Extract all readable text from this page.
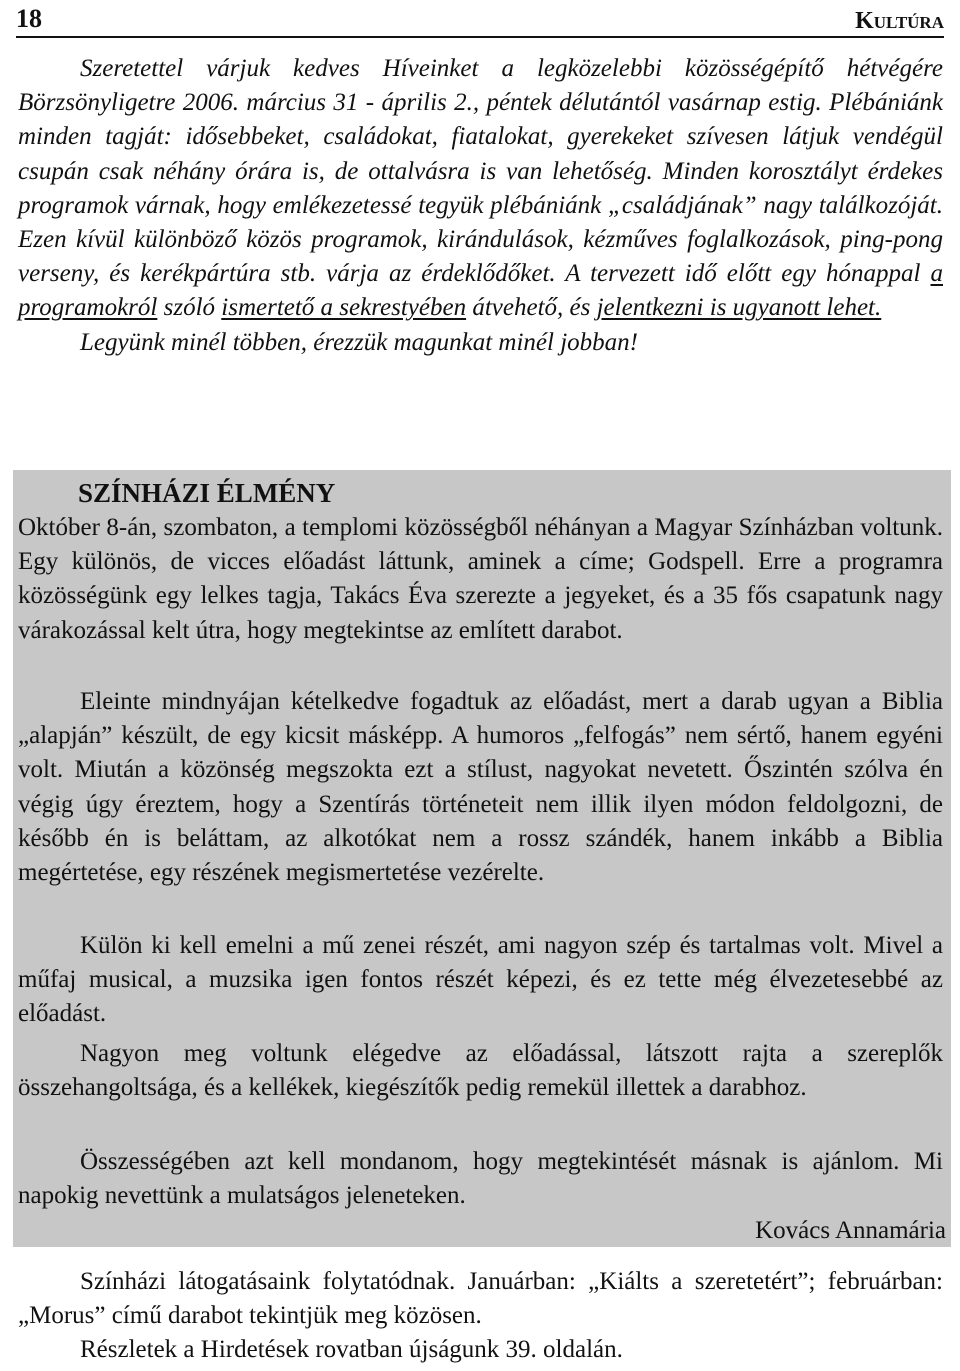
18	KULTÚRA

Szeretettel várjuk kedves Híveinket a legközelebbi közösségépítő hétvégére Börzsönyligetre 2006. március 31 - április 2., péntek délutántól vasárnap estig. Plébániánk minden tagját: idősebbeket, családokat, fiatalokat, gyerekeket szívesen látjuk vendégül csupán csak néhány órára is, de ottalvásra is van lehetőség. Minden korosztályt érdekes programok várnak, hogy emlékezetessé tegyük plébániánk „családjának” nagy találkozóját. Ezen kívül különböző közös programok, kirándulások, kézműves foglalkozások, ping-pong verseny, és kerékpártúra stb. várja az érdeklődőket. A tervezett idő előtt egy hónappal a programokról szóló ismertető a sekrestyében átvehető, és jelentkezni is ugyanott lehet.
Legyünk minél többen, érezzük magunkat minél jobban!

SZÍNHÁZI ÉLMÉNY

Október 8-án, szombaton, a templomi közösségből néhányan a Magyar Színházban voltunk. Egy különös, de vicces előadást láttunk, aminek a címe; Godspell. Erre a programra közösségünk egy lelkes tagja, Takács Éva szerezte a jegyeket, és a 35 fős csapatunk nagy várakozással kelt útra, hogy megtekintse az említett darabot.

Eleinte mindnyájan kételkedve fogadtuk az előadást, mert a darab ugyan a Biblia „alapján” készült, de egy kicsit másképp. A humoros „felfogás” nem sértő, hanem egyéni volt. Miután a közönség megszokta ezt a stílust, nagyokat nevetett. Őszintén szólva én végig úgy éreztem, hogy a Szentírás történeteit nem illik ilyen módon feldolgozni, de később én is beláttam, az alkotókat nem a rossz szándék, hanem inkább a Biblia megértetése, egy részének megismertetése vezérelte.

Külön ki kell emelni a mű zenei részét, ami nagyon szép és tartalmas volt. Mivel a műfaj musical, a muzsika igen fontos részét képezi, és ez tette még élvezetesebbé az előadást.

Nagyon meg voltunk elégedve az előadással, látszott rajta a szereplők összehangoltsága, és a kellékek, kiegészítők pedig remekül illettek a darabhoz.

Összességében azt kell mondanom, hogy megtekintését másnak is ajánlom. Mi napokig nevettünk a mulatságos jeleneteken.

Kovács Annamária

Színházi látogatásaink folytatódnak. Januárban: „Kiálts a szeretetért”; februárban: „Morus” című darabot tekintjük meg közösen.

Részletek a Hirdetések rovatban újságunk 39. oldalán.
